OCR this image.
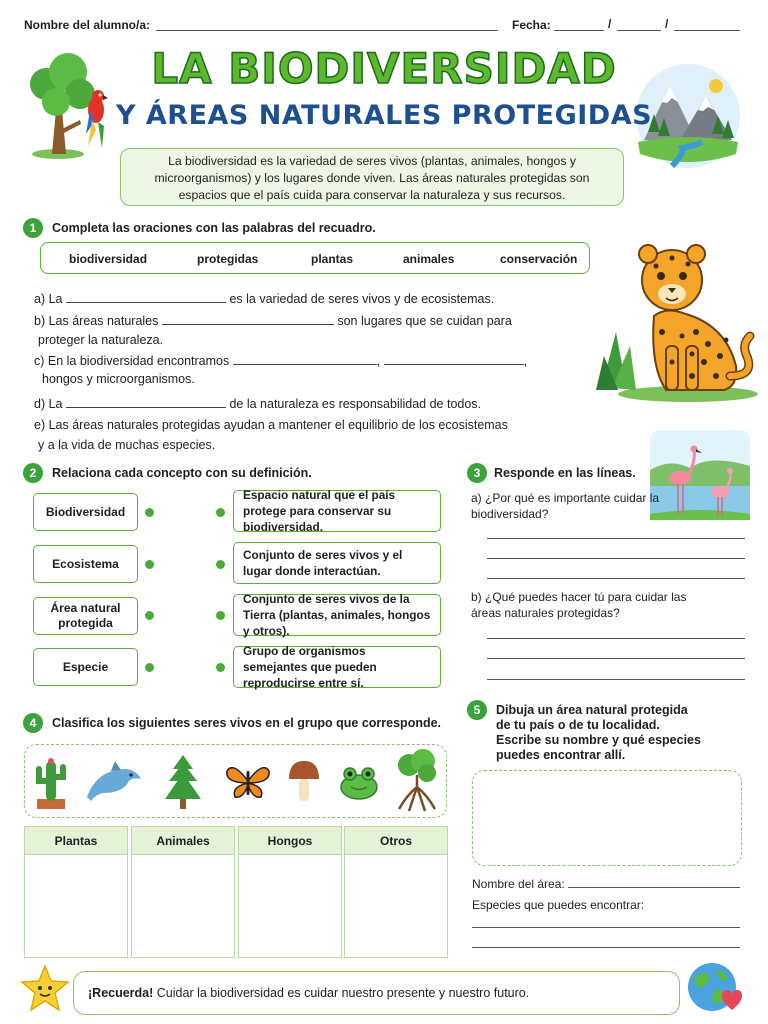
Nombre del alumno/a:	Fecha:	/	/
LA BIODIVERSIDAD
Y ÁREAS NATURALES PROTEGIDAS
La biodiversidad es la variedad de seres vivos (plantas, animales, hongos y microorganismos) y los lugares donde viven. Las áreas naturales protegidas son espacios que el país cuida para conservar la naturaleza y sus recursos.
1	Completa las oraciones con las palabras del recuadro.
biodiversidad	protegidas	plantas	animales	conservación
a) La	es la variedad de seres vivos y de ecosistemas.
b) Las áreas naturales	son lugares que se cuidan para
proteger la naturaleza.
c) En la biodiversidad encontramos	,	,
hongos y microorganismos.
d) La	de la naturaleza es responsabilidad de todos.
e) Las áreas naturales protegidas ayudan a mantener el equilibrio de los ecosistemas
y a la vida de muchas especies.
2	Relaciona cada concepto con su definición.
Biodiversidad
Ecosistema
Área natural protegida
Especie
Espacio natural que el país protege para conservar su biodiversidad.
Conjunto de seres vivos y el lugar donde interactúan.
Conjunto de seres vivos de la Tierra (plantas, animales, hongos y otros).
Grupo de organismos semejantes que pueden reproducirse entre sí.
3	Responde en las líneas.
a) ¿Por qué es importante cuidar la biodiversidad?
b) ¿Qué puedes hacer tú para cuidar las áreas naturales protegidas?
4	Clasifica los siguientes seres vivos en el grupo que corresponde.
Plantas	Animales	Hongos	Otros
5	Dibuja un área natural protegida
de tu país o de tu localidad.
Escribe su nombre y qué especies
puedes encontrar allí.
Nombre del área:
Especies que puedes encontrar:
¡Recuerda! Cuidar la biodiversidad es cuidar nuestro presente y nuestro futuro.
